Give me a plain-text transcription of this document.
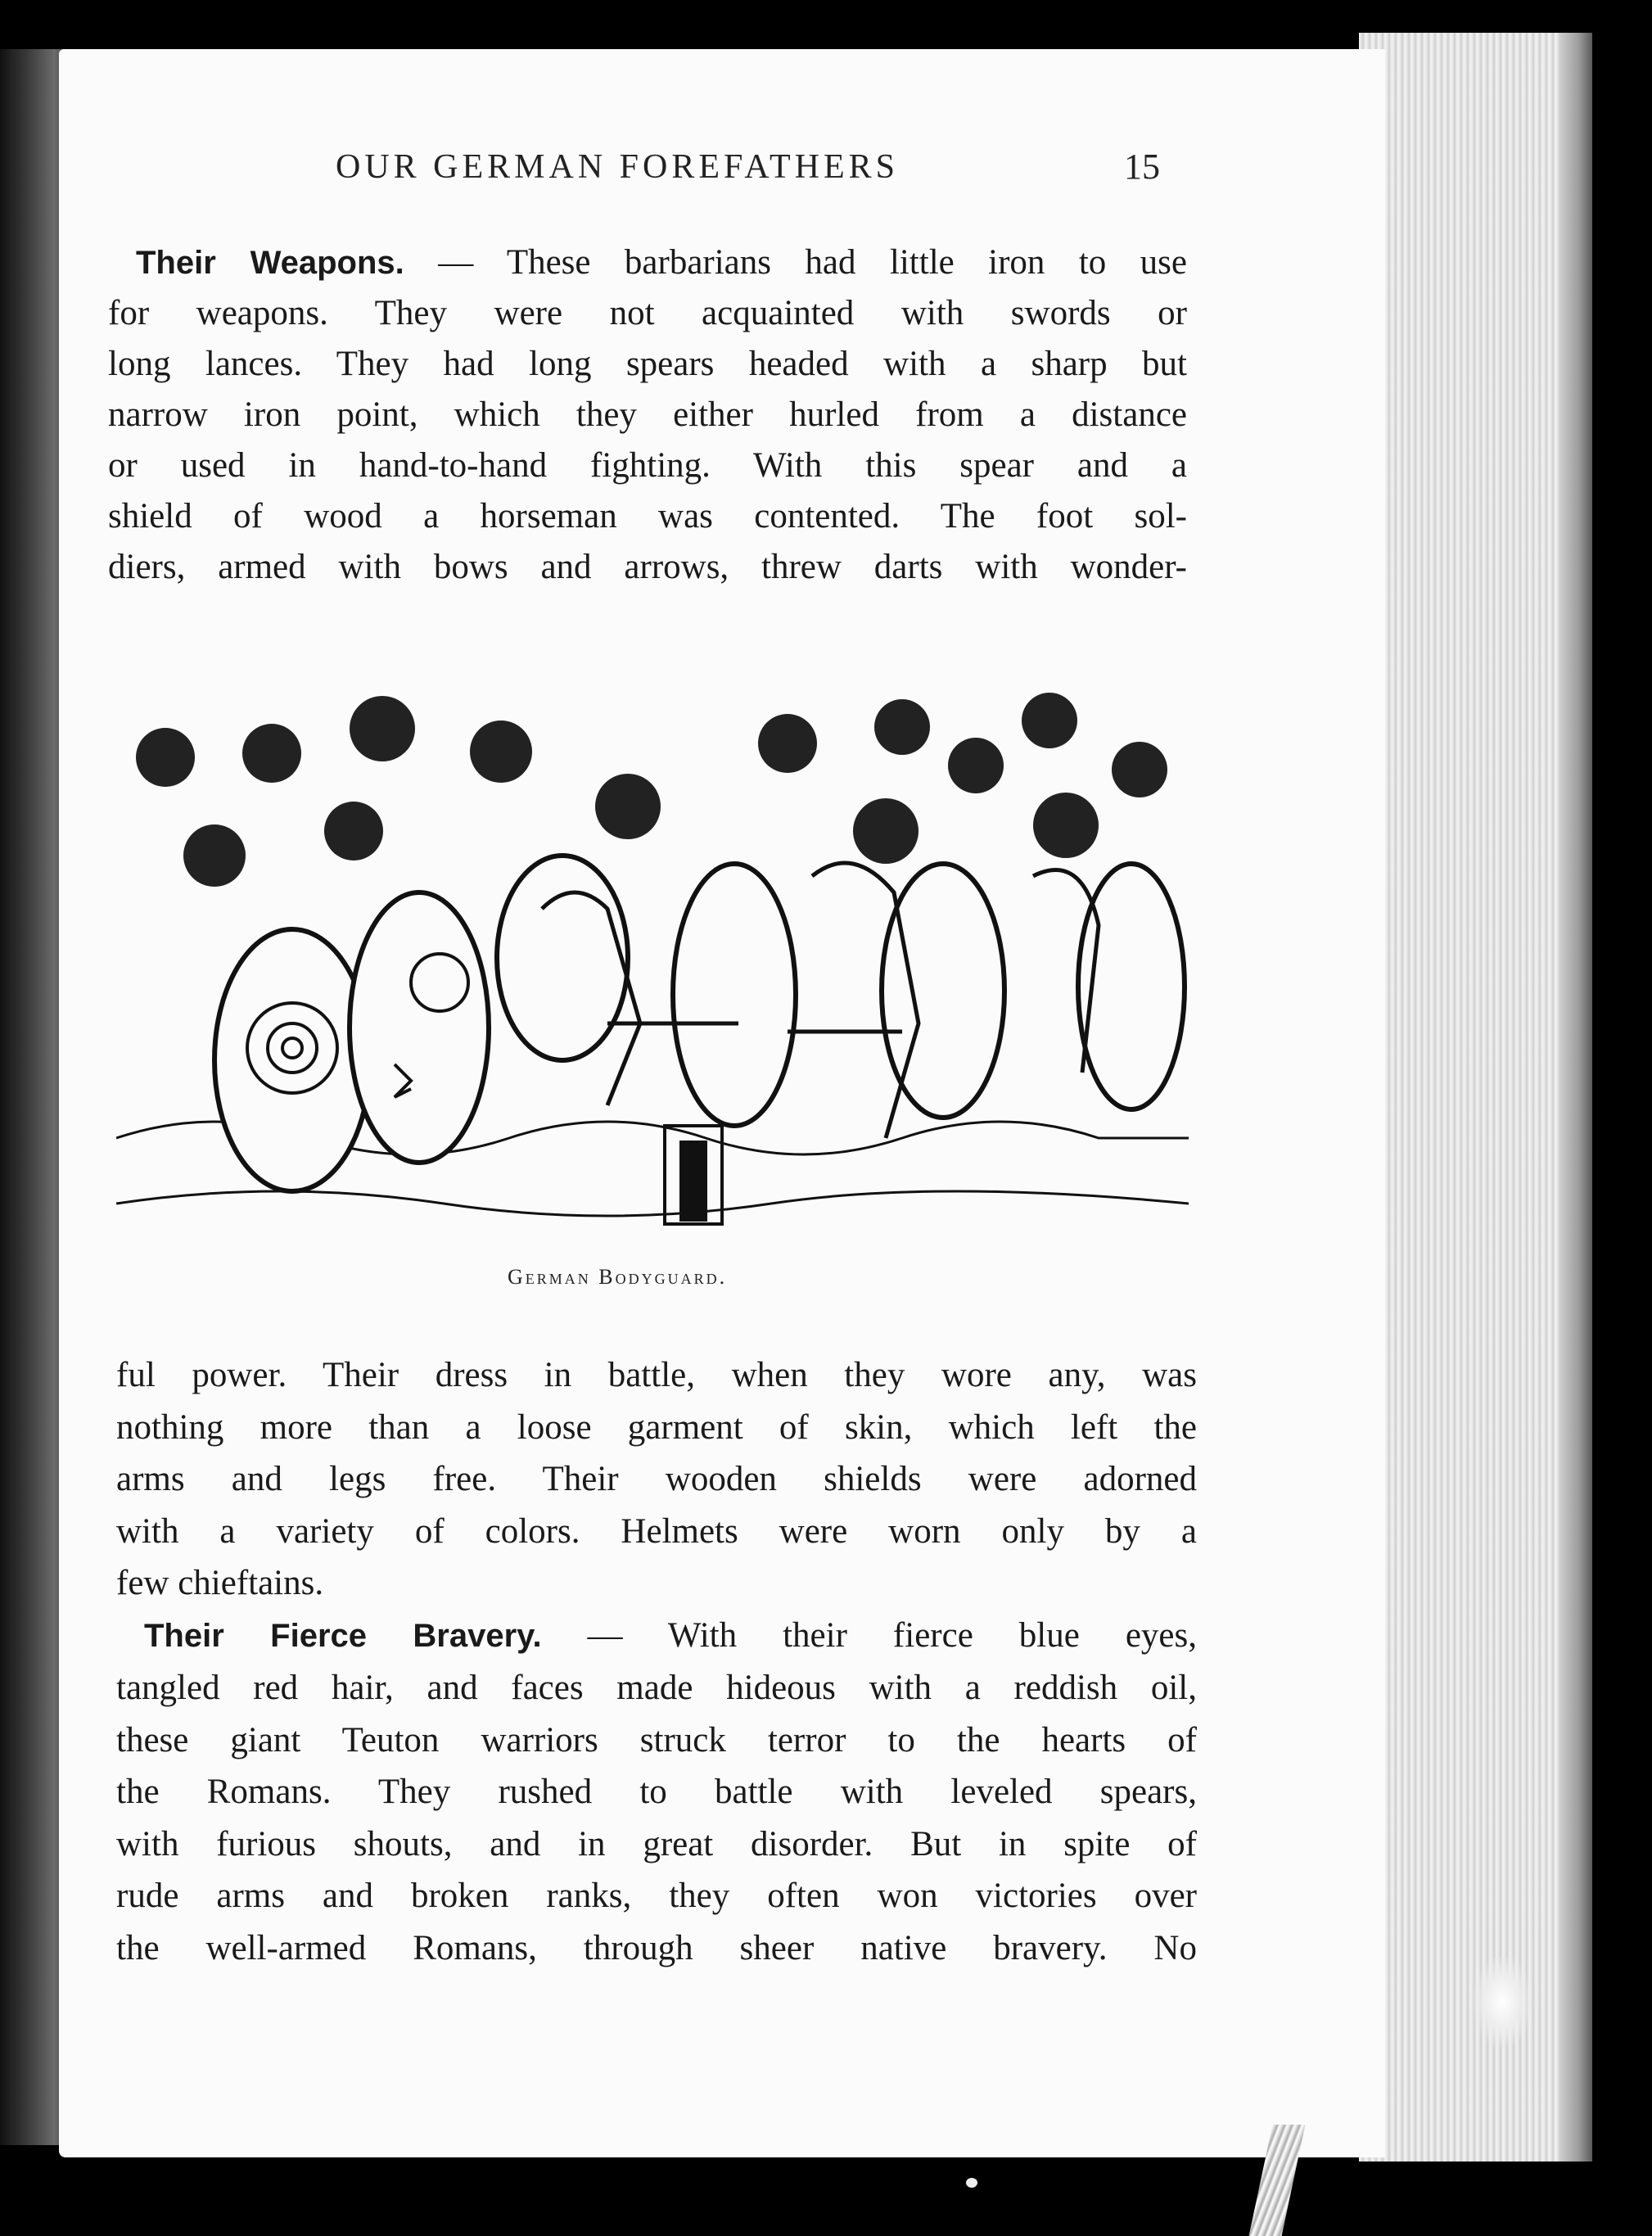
OUR GERMAN FOREFATHERS	15
Their Weapons. — These barbarians had little iron to use
for weapons. They were not acquainted with swords or
long lances. They had long spears headed with a sharp but
narrow iron point, which they either hurled from a distance
or used in hand-to-hand fighting. With this spear and a
shield of wood a horseman was contented. The foot sol-
diers, armed with bows and arrows, threw darts with wonder-
German Bodyguard.
ful power. Their dress in battle, when they wore any, was
nothing more than a loose garment of skin, which left the
arms and legs free. Their wooden shields were adorned
with a variety of colors. Helmets were worn only by a
few chieftains.
Their Fierce Bravery. — With their fierce blue eyes,
tangled red hair, and faces made hideous with a reddish oil,
these giant Teuton warriors struck terror to the hearts of
the Romans. They rushed to battle with leveled spears,
with furious shouts, and in great disorder. But in spite of
rude arms and broken ranks, they often won victories over
the well-armed Romans, through sheer native bravery. No
